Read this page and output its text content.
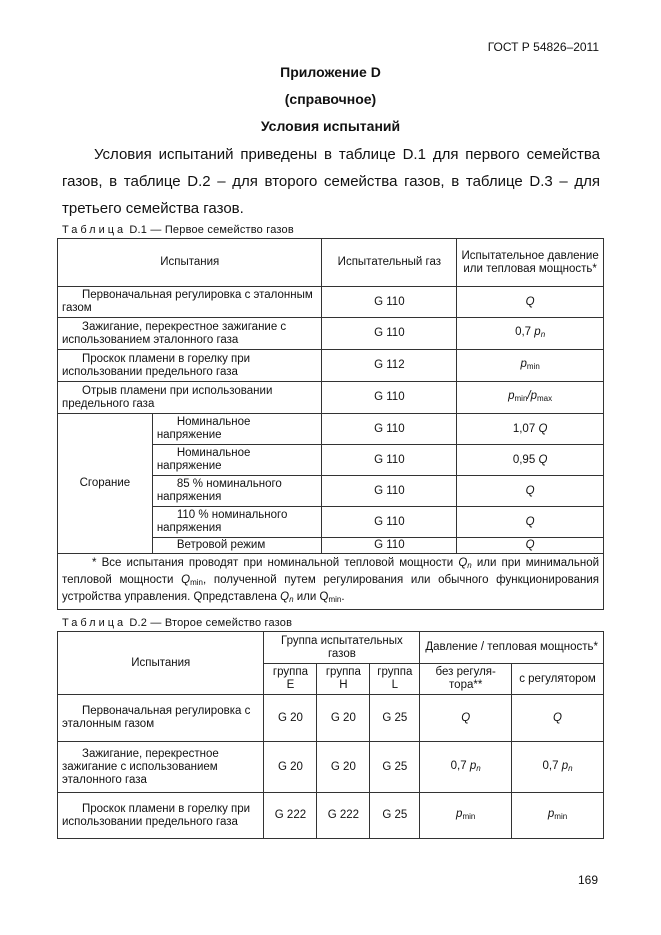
ГОСТ Р 54826–2011
Приложение D
(справочное)
Условия испытаний

Условия испытаний приведены в таблице D.1 для первого семейства газов, в таблице D.2 – для второго семейства газов, в таблице D.3 – для третьего семейства газов.

Таблица D.1 — Первое семейство газов
Испытания		Испытательный газ	Испытательное давление или тепловая мощность*
Первоначальная регулировка с эталонным газом		G 110	Q
Зажигание, перекрестное зажигание с использованием эталонного газа		G 110	0,7 $p_n$
Проскок пламени в горелку при использовании предельного газа		G 112	$p_{min}$
Отрыв пламени при использовании предельного газа		G 110	$p_{min}/p_{max}$
Сгорание	Номинальное напряжение	G 110	1,07 Q
	Номинальное напряжение	G 110	0,95 Q
	85 % номинального напряжения	G 110	Q
	110 % номинального напряжения	G 110	Q
	Ветровой режим	G 110	Q
* Все испытания проводят при номинальной тепловой мощности $Q_n$ или при минимальной тепловой мощности $Q_{min}$, полученной путем регулирования или обычного функционирования устройства управления. Qпредставлена $Q_n$ или $Q_{min}$.			
Таблица D.2 — Второе семейство газов
Испытания	Группа испытательных газов			Давление / тепловая мощность*	
	группа E	группа H	группа L	без регуля-тора**	с регулятором
Первоначальная регулировка с эталонным газом	G 20	G 20	G 25	Q	Q
Зажигание, перекрестное зажигание с использованием эталонного газа	G 20	G 20	G 25	0,7 $p_n$	0,7 $p_n$
Проскок пламени в горелку при использовании предельного газа	G 222	G 222	G 25	$p_{min}$	$p_{min}$
169
